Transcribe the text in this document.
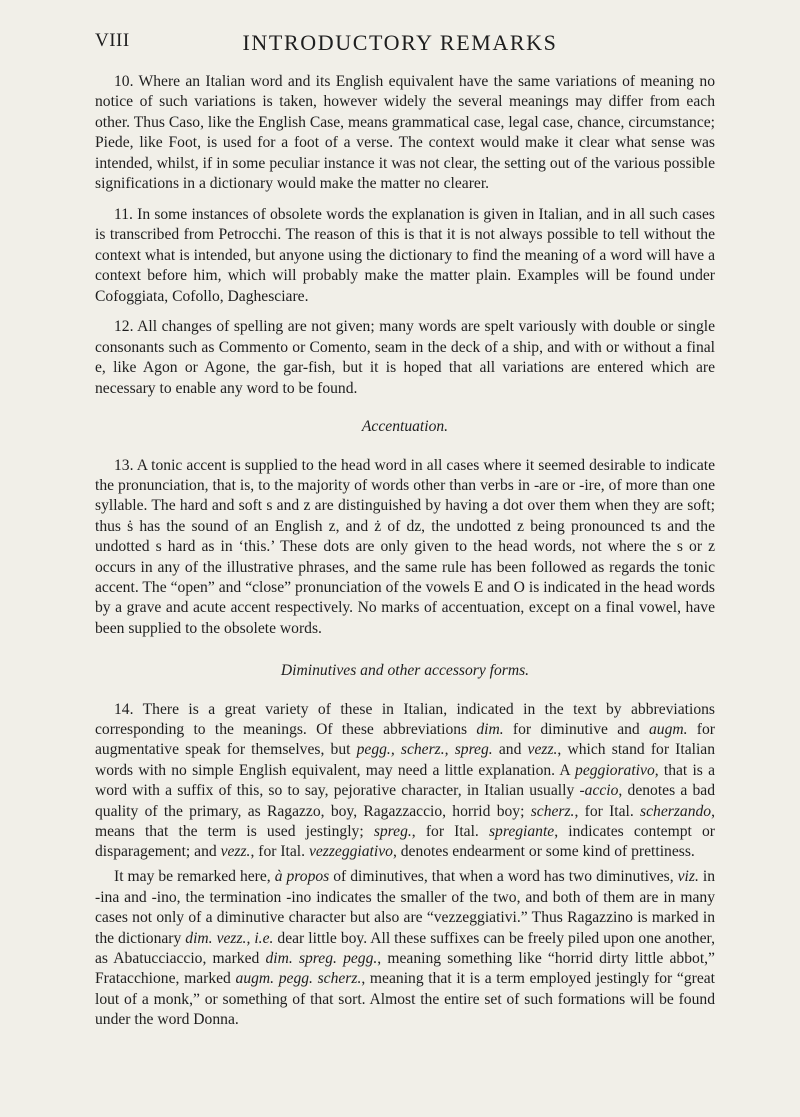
VIII	INTRODUCTORY REMARKS

10. Where an Italian word and its English equivalent have the same variations of meaning no notice of such variations is taken, however widely the several meanings may differ from each other. Thus Caso, like the English Case, means grammatical case, legal case, chance, circumstance; Piede, like Foot, is used for a foot of a verse. The context would make it clear what sense was intended, whilst, if in some peculiar instance it was not clear, the setting out of the various possible significations in a dictionary would make the matter no clearer.

11. In some instances of obsolete words the explanation is given in Italian, and in all such cases is transcribed from Petrocchi. The reason of this is that it is not always possible to tell without the context what is intended, but anyone using the dictionary to find the meaning of a word will have a context before him, which will probably make the matter plain. Examples will be found under Cofoggiata, Cofollo, Daghesciare.

12. All changes of spelling are not given; many words are spelt variously with double or single consonants such as Commento or Comento, seam in the deck of a ship, and with or without a final e, like Agon or Agone, the gar-fish, but it is hoped that all variations are entered which are necessary to enable any word to be found.

Accentuation.

13. A tonic accent is supplied to the head word in all cases where it seemed desirable to indicate the pronunciation, that is, to the majority of words other than verbs in -are or -ire, of more than one syllable. The hard and soft s and z are distinguished by having a dot over them when they are soft; thus ṡ has the sound of an English z, and ż of dz, the undotted z being pronounced ts and the undotted s hard as in ‘this.’ These dots are only given to the head words, not where the s or z occurs in any of the illustrative phrases, and the same rule has been followed as regards the tonic accent. The “open” and “close” pronunciation of the vowels E and O is indicated in the head words by a grave and acute accent respectively. No marks of accentuation, except on a final vowel, have been supplied to the obsolete words.

Diminutives and other accessory forms.

14. There is a great variety of these in Italian, indicated in the text by abbreviations corresponding to the meanings. Of these abbreviations dim. for diminutive and augm. for augmentative speak for themselves, but pegg., scherz., spreg. and vezz., which stand for Italian words with no simple English equivalent, may need a little explanation. A peggiorativo, that is a word with a suffix of this, so to say, pejorative character, in Italian usually -accio, denotes a bad quality of the primary, as Ragazzo, boy, Ragazzaccio, horrid boy; scherz., for Ital. scherzando, means that the term is used jestingly; spreg., for Ital. spregiante, indicates contempt or disparagement; and vezz., for Ital. vezzeggiativo, denotes endearment or some kind of prettiness.

It may be remarked here, à propos of diminutives, that when a word has two diminutives, viz. in -ina and -ino, the termination -ino indicates the smaller of the two, and both of them are in many cases not only of a diminutive character but also are “vezzeggiativi.” Thus Ragazzino is marked in the dictionary dim. vezz., i.e. dear little boy. All these suffixes can be freely piled upon one another, as Abatucciaccio, marked dim. spreg. pegg., meaning something like “horrid dirty little abbot,” Fratacchione, marked augm. pegg. scherz., meaning that it is a term employed jestingly for “great lout of a monk,” or something of that sort. Almost the entire set of such formations will be found under the word Donna.
